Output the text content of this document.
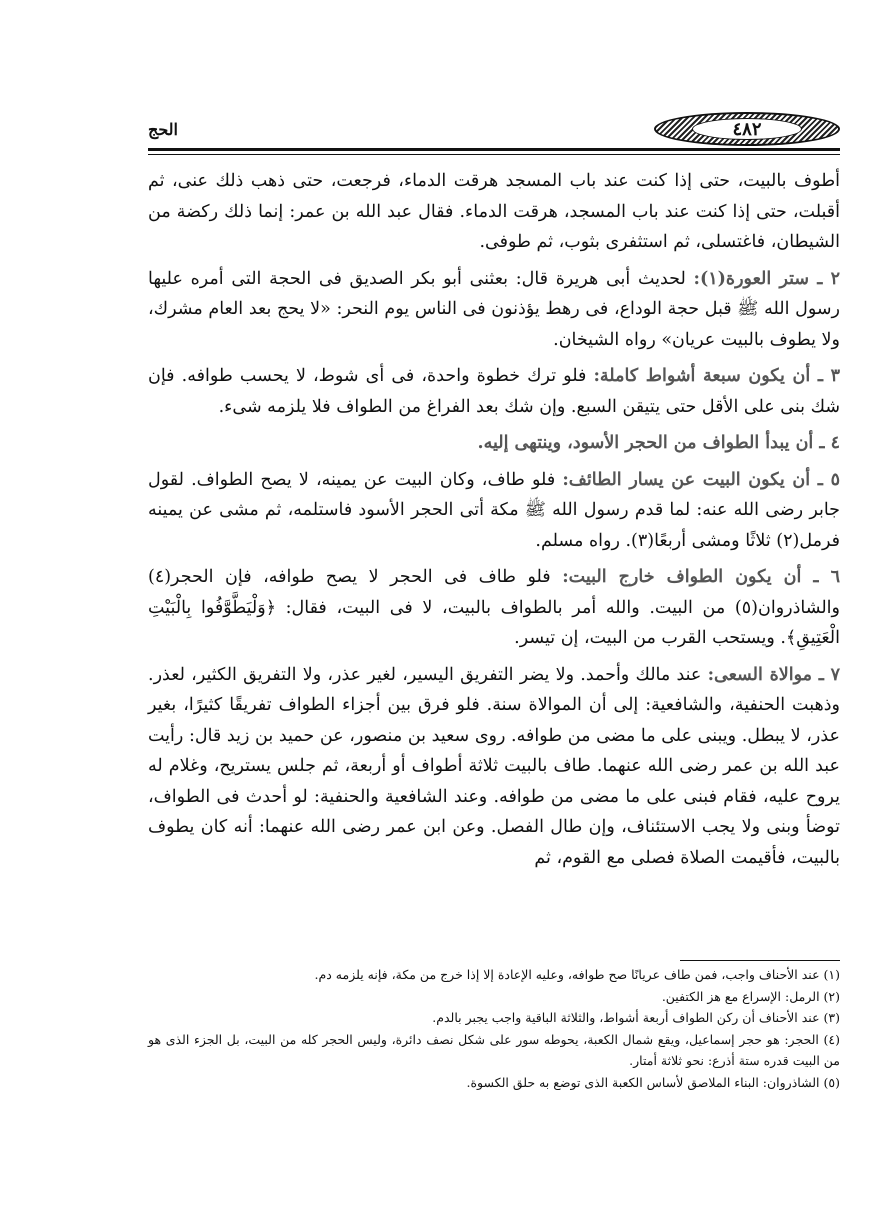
الحج	٤٨٢

أطوف بالبيت، حتى إذا كنت عند باب المسجد هرقت الدماء، فرجعت، حتى ذهب ذلك عنى، ثم أقبلت، حتى إذا كنت عند باب المسجد، هرقت الدماء. فقال عبد الله بن عمر: إنما ذلك ركضة من الشيطان، فاغتسلى، ثم استثفرى بثوب، ثم طوفى.

٢ ـ ستر العورة(١): لحديث أبى هريرة قال: بعثنى أبو بكر الصديق فى الحجة التى أمره عليها رسول الله ﷺ قبل حجة الوداع، فى رهط يؤذنون فى الناس يوم النحر: «لا يحج بعد العام مشرك، ولا يطوف بالبيت عريان» رواه الشيخان.

٣ ـ أن يكون سبعة أشواط كاملة: فلو ترك خطوة واحدة، فى أى شوط، لا يحسب طوافه. فإن شك بنى على الأقل حتى يتيقن السبع. وإن شك بعد الفراغ من الطواف فلا يلزمه شىء.

٤ ـ أن يبدأ الطواف من الحجر الأسود، وينتهى إليه.

٥ ـ أن يكون البيت عن يسار الطائف: فلو طاف، وكان البيت عن يمينه، لا يصح الطواف. لقول جابر رضى الله عنه: لما قدم رسول الله ﷺ مكة أتى الحجر الأسود فاستلمه، ثم مشى عن يمينه فرمل(٢) ثلاثًا ومشى أربعًا(٣). رواه مسلم.

٦ ـ أن يكون الطواف خارج البيت: فلو طاف فى الحجر لا يصح طوافه، فإن الحجر(٤) والشاذروان(٥) من البيت. والله أمر بالطواف بالبيت، لا فى البيت، فقال: ﴿وَلْيَطَّوَّفُوا بِالْبَيْتِ الْعَتِيقِ﴾. ويستحب القرب من البيت، إن تيسر.

٧ ـ موالاة السعى: عند مالك وأحمد. ولا يضر التفريق اليسير، لغير عذر، ولا التفريق الكثير، لعذر. وذهبت الحنفية، والشافعية: إلى أن الموالاة سنة. فلو فرق بين أجزاء الطواف تفريقًا كثيرًا، بغير عذر، لا يبطل. ويبنى على ما مضى من طوافه. روى سعيد بن منصور، عن حميد بن زيد قال: رأيت عبد الله بن عمر رضى الله عنهما. طاف بالبيت ثلاثة أطواف أو أربعة، ثم جلس يستريح، وغلام له يروح عليه، فقام فبنى على ما مضى من طوافه. وعند الشافعية والحنفية: لو أحدث فى الطواف، توضأ وبنى ولا يجب الاستئناف، وإن طال الفصل. وعن ابن عمر رضى الله عنهما: أنه كان يطوف بالبيت، فأقيمت الصلاة فصلى مع القوم، ثم

(١) عند الأحناف واجب، فمن طاف عريانًا صح طوافه، وعليه الإعادة إلا إذا خرج من مكة، فإنه يلزمه دم.
(٢) الرمل: الإسراع مع هز الكتفين.
(٣) عند الأحناف أن ركن الطواف أربعة أشواط، والثلاثة الباقية واجب يجبر بالدم.
(٤) الحجر: هو حجر إسماعيل، ويقع شمال الكعبة، يحوطه سور على شكل نصف دائرة، وليس الحجر كله من البيت، بل الجزء الذى هو من البيت قدره ستة أذرع: نحو ثلاثة أمتار.
(٥) الشاذروان: البناء الملاصق لأساس الكعبة الذى توضع به حلق الكسوة.
